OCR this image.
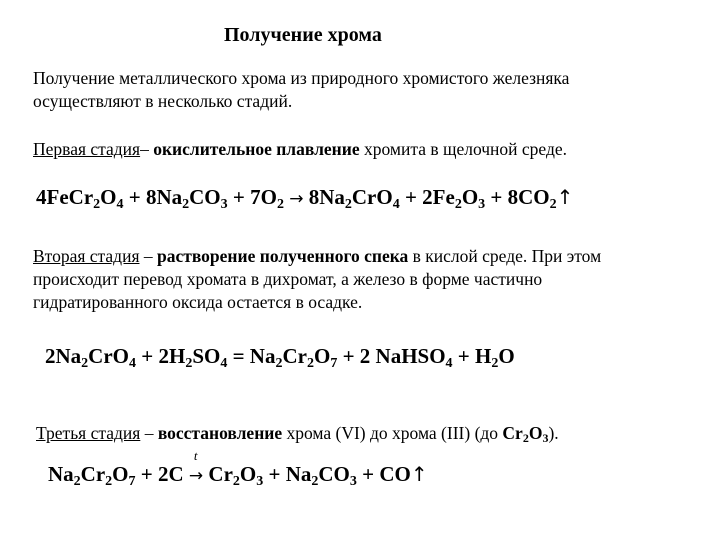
Получение хрома
Получение металлического хрома из природного хромистого железняка
осуществляют в несколько стадий.
Первая стадия– окислительное плавление хромита в щелочной среде.
$4FeCr_2O_4 + 8Na_2CO_3 + 7O_2 \to 8Na_2CrO_4 + 2Fe_2O_3$ + $8CO_2↑$
Вторая стадия – растворение полученного спека в кислой среде. При этом
происходит перевод хромата в дихромат, а железо в форме частично
гидратированного оксида остается в осадке.
$2Na_2CrO_4 + 2H_2SO_4 = Na_2Cr_2O_7 + 2$ NaHSO$_4$ + $H_2O$
Третья стадия – восстановление хрома (VI) до хрома (III) (до Cr2O3).
$Na_2Cr_2O_7 + 2C$
t
→ $Cr_2O_3 + Na_2CO_3$ + CO↑
